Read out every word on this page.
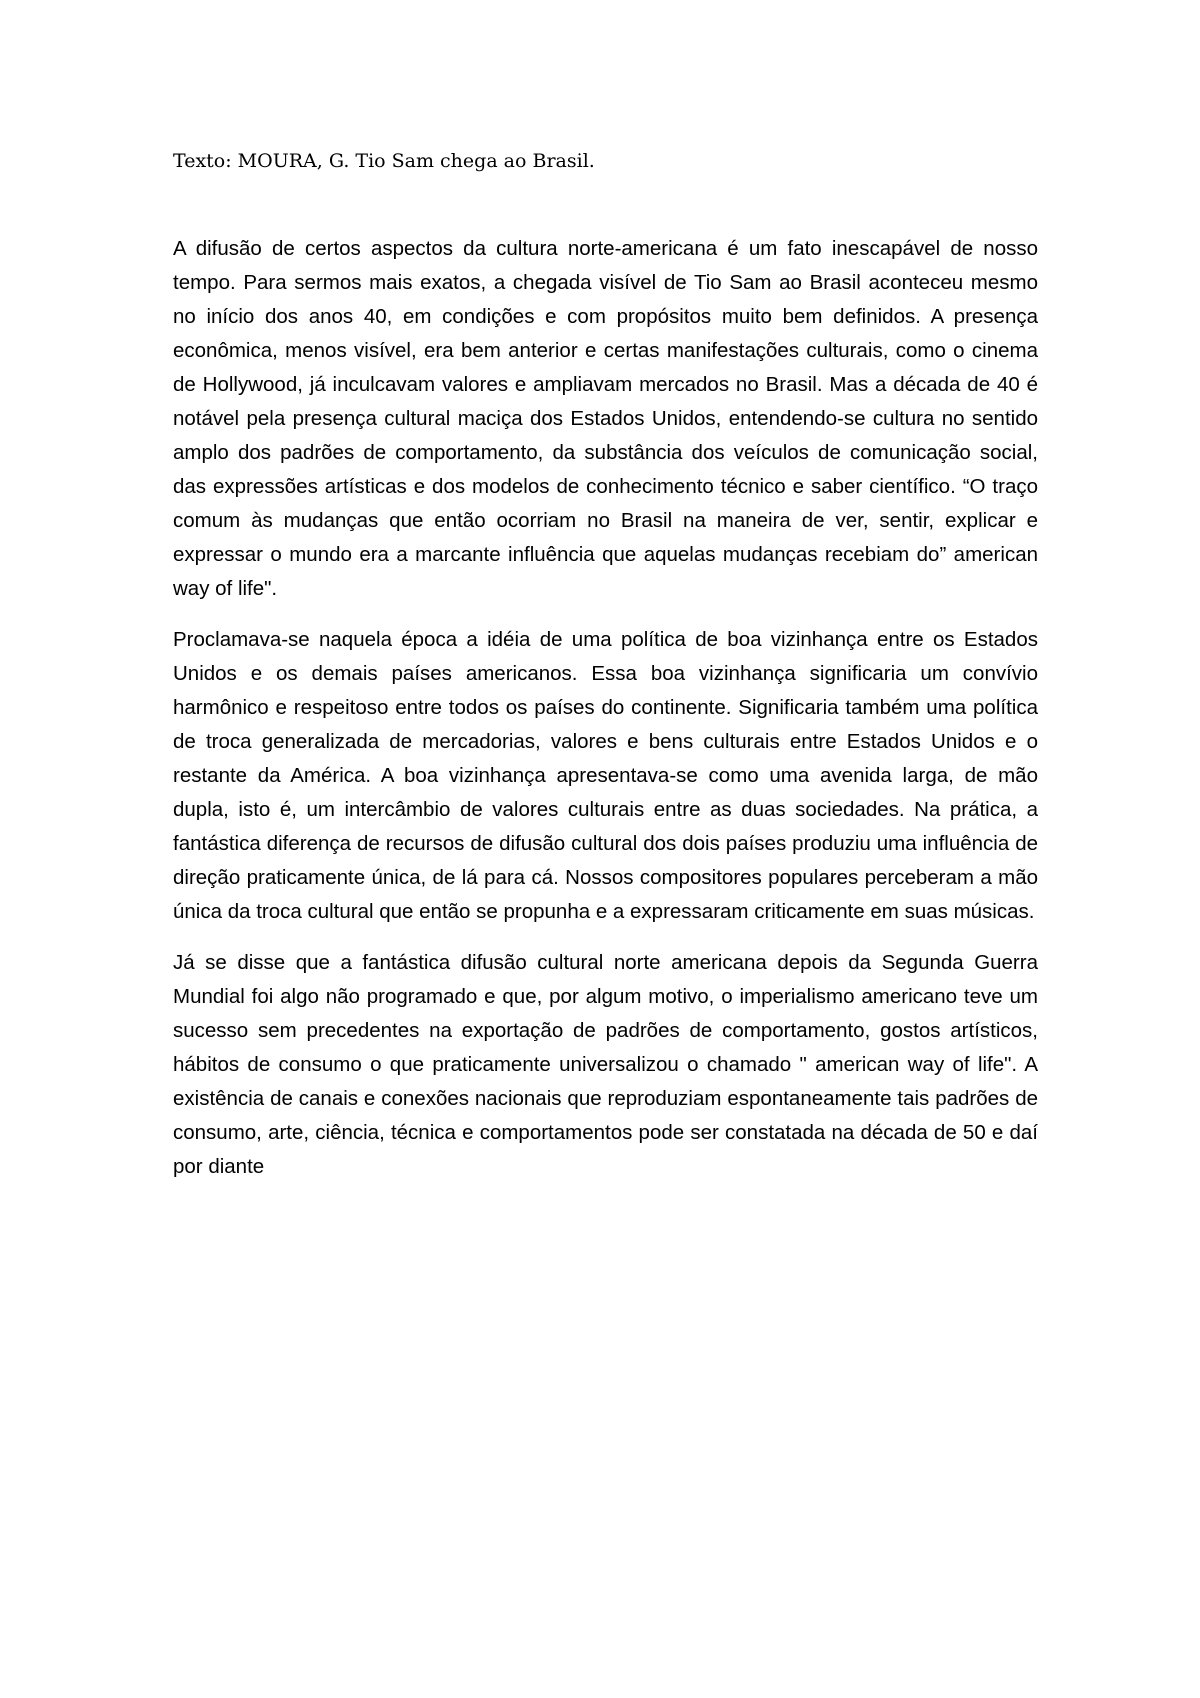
Texto: MOURA, G. Tio Sam chega ao Brasil.

A difusão de certos aspectos da cultura norte-americana é um fato inescapável de nosso tempo. Para sermos mais exatos, a chegada visível de Tio Sam ao Brasil aconteceu mesmo no início dos anos 40, em condições e com propósitos muito bem definidos. A presença econômica, menos visível, era bem anterior e certas manifestações culturais, como o cinema de Hollywood, já inculcavam valores e ampliavam mercados no Brasil. Mas a década de 40 é notável pela presença cultural maciça dos Estados Unidos, entendendo-se cultura no sentido amplo dos padrões de comportamento, da substância dos veículos de comunicação social, das expressões artísticas e dos modelos de conhecimento técnico e saber científico. “O traço comum às mudanças que então ocorriam no Brasil na maneira de ver, sentir, explicar e expressar o mundo era a marcante influência que aquelas mudanças recebiam do” american way of life".

Proclamava-se naquela época a idéia de uma política de boa vizinhança entre os Estados Unidos e os demais países americanos. Essa boa vizinhança significaria um convívio harmônico e respeitoso entre todos os países do continente. Significaria também uma política de troca generalizada de mercadorias, valores e bens culturais entre Estados Unidos e o restante da América. A boa vizinhança apresentava-se como uma avenida larga, de mão dupla, isto é, um intercâmbio de valores culturais entre as duas sociedades. Na prática, a fantástica diferença de recursos de difusão cultural dos dois países produziu uma influência de direção praticamente única, de lá para cá. Nossos compositores populares perceberam a mão única da troca cultural que então se propunha e a expressaram criticamente em suas músicas.

Já se disse que a fantástica difusão cultural norte americana depois da Segunda Guerra Mundial foi algo não programado e que, por algum motivo, o imperialismo americano teve um sucesso sem precedentes na exportação de padrões de comportamento, gostos artísticos, hábitos de consumo o que praticamente universalizou o chamado " american way of life". A existência de canais e conexões nacionais que reproduziam espontaneamente tais padrões de consumo, arte, ciência, técnica e comportamentos pode ser constatada na década de 50 e daí por diante
